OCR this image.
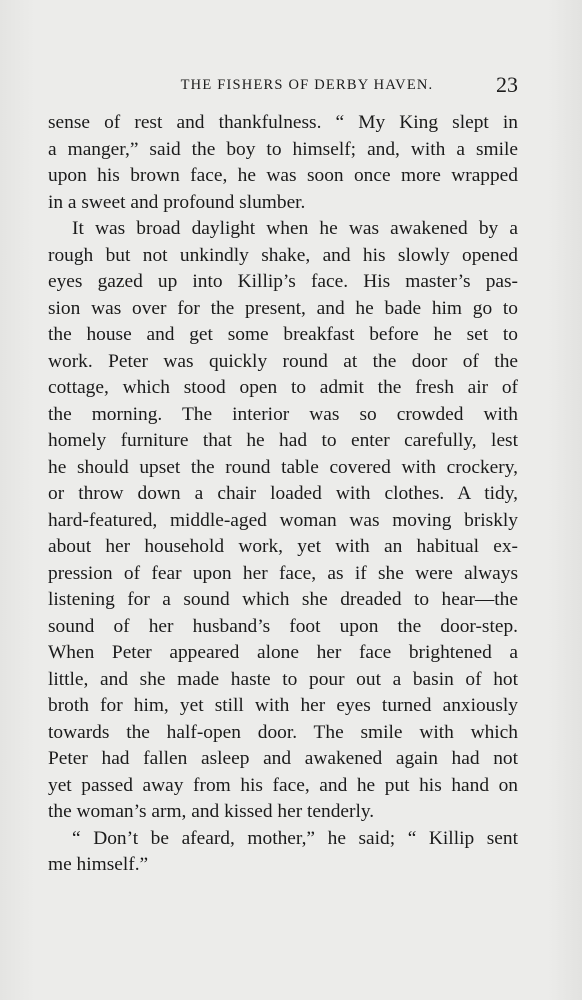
THE FISHERS OF DERBY HAVEN.	23
sense of rest and thankfulness. “ My King slept in
a manger,” said the boy to himself; and, with a smile
upon his brown face, he was soon once more wrapped
in a sweet and profound slumber.
It was broad daylight when he was awakened by a
rough but not unkindly shake, and his slowly opened
eyes gazed up into Killip’s face. His master’s pas-
sion was over for the present, and he bade him go to
the house and get some breakfast before he set to
work. Peter was quickly round at the door of the
cottage, which stood open to admit the fresh air of
the morning. The interior was so crowded with
homely furniture that he had to enter carefully, lest
he should upset the round table covered with crockery,
or throw down a chair loaded with clothes. A tidy,
hard-featured, middle-aged woman was moving briskly
about her household work, yet with an habitual ex-
pression of fear upon her face, as if she were always
listening for a sound which she dreaded to hear—the
sound of her husband’s foot upon the door-step.
When Peter appeared alone her face brightened a
little, and she made haste to pour out a basin of hot
broth for him, yet still with her eyes turned anxiously
towards the half-open door. The smile with which
Peter had fallen asleep and awakened again had not
yet passed away from his face, and he put his hand on
the woman’s arm, and kissed her tenderly.
“ Don’t be afeard, mother,” he said; “ Killip sent
me himself.”
